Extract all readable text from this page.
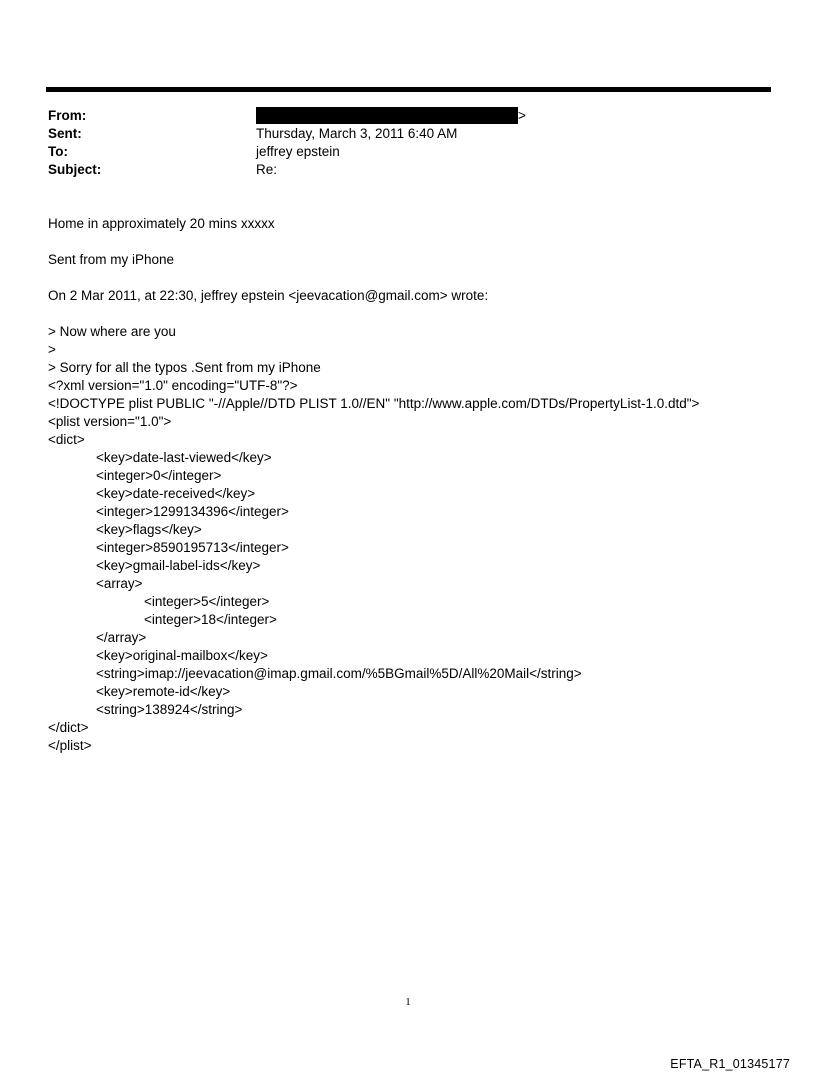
From:	>
Sent:	Thursday, March 3, 2011 6:40 AM
To:	jeffrey epstein
Subject:	Re:
Home in approximately 20 mins xxxxx
Sent from my iPhone
On 2 Mar 2011, at 22:30, jeffrey epstein <jeevacation@gmail.com> wrote:
> Now where are you
>
> Sorry for all the typos .Sent from my iPhone
<?xml version="1.0" encoding="UTF-8"?>
<!DOCTYPE plist PUBLIC "-//Apple//DTD PLIST 1.0//EN" "http://www.apple.com/DTDs/PropertyList-1.0.dtd">
<plist version="1.0">
<dict>
<key>date-last-viewed</key>
<integer>0</integer>
<key>date-received</key>
<integer>1299134396</integer>
<key>flags</key>
<integer>8590195713</integer>
<key>gmail-label-ids</key>
<array>
<integer>5</integer>
<integer>18</integer>
</array>
<key>original-mailbox</key>
<string>imap://jeevacation@imap.gmail.com/%5BGmail%5D/All%20Mail</string>
<key>remote-id</key>
<string>138924</string>
</dict>
</plist>
1
EFTA_R1_01345177
